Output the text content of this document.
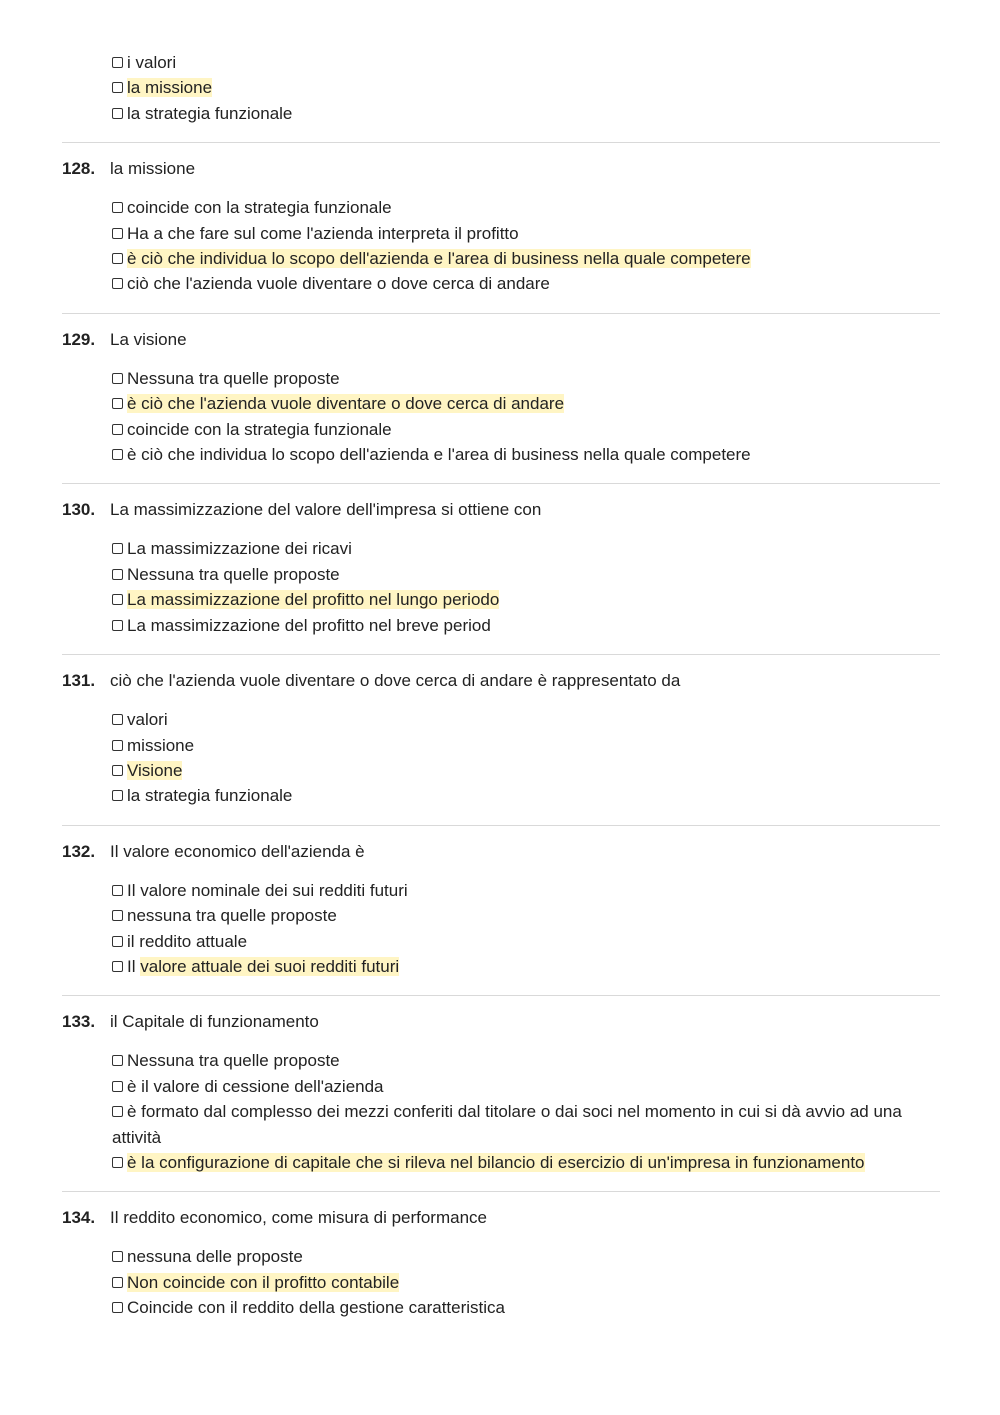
i valori
la missione
la strategia funzionale
128. la missione
coincide con la strategia funzionale
Ha a che fare sul come l'azienda interpreta il profitto
è ciò che individua lo scopo dell'azienda e l'area di business nella quale competere
ciò che l'azienda vuole diventare o dove cerca di andare
129. La visione
Nessuna tra quelle proposte
è ciò che l'azienda vuole diventare o dove cerca di andare
coincide con la strategia funzionale
è ciò che individua lo scopo dell'azienda e l'area di business nella quale competere
130. La massimizzazione del valore dell'impresa si ottiene con
La massimizzazione dei ricavi
Nessuna tra quelle proposte
La massimizzazione del profitto nel lungo periodo
La massimizzazione del profitto nel breve period
131. ciò che l'azienda vuole diventare o dove cerca di andare è rappresentato da
valori
missione
Visione
la strategia funzionale
132. Il valore economico dell'azienda è
Il valore nominale dei sui redditi futuri
nessuna tra quelle proposte
il reddito attuale
Il valore attuale dei suoi redditi futuri
133. il Capitale di funzionamento
Nessuna tra quelle proposte
è il valore di cessione dell'azienda
è formato dal complesso dei mezzi conferiti dal titolare o dai soci nel momento in cui si dà avvio ad una attività
è la configurazione di capitale che si rileva nel bilancio di esercizio di un'impresa in funzionamento
134. Il reddito economico, come misura di performance
nessuna delle proposte
Non coincide con il profitto contabile
Coincide con il reddito della gestione caratteristica
